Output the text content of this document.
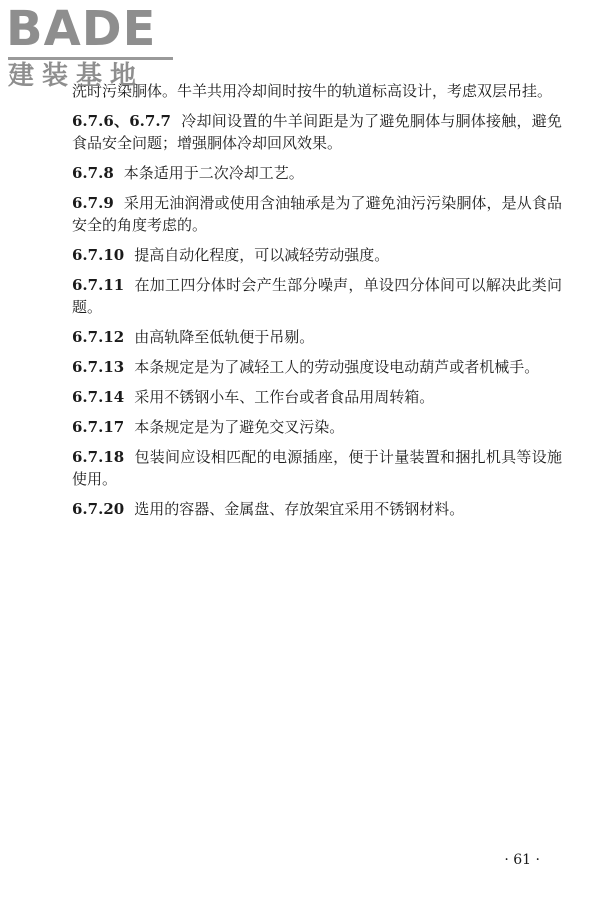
BADE
建装基地

洗时污染胴体。牛羊共用冷却间时按牛的轨道标高设计，考虑双层吊挂。

6.7.6、6.7.7 冷却间设置的牛羊间距是为了避免胴体与胴体接触，避免食品安全问题；增强胴体冷却回风效果。

6.7.8 本条适用于二次冷却工艺。

6.7.9 采用无油润滑或使用含油轴承是为了避免油污污染胴体，是从食品安全的角度考虑的。

6.7.10 提高自动化程度，可以减轻劳动强度。

6.7.11 在加工四分体时会产生部分噪声，单设四分体间可以解决此类问题。

6.7.12 由高轨降至低轨便于吊剔。

6.7.13 本条规定是为了减轻工人的劳动强度设电动葫芦或者机械手。

6.7.14 采用不锈钢小车、工作台或者食品用周转箱。

6.7.17 本条规定是为了避免交叉污染。

6.7.18 包装间应设相匹配的电源插座，便于计量装置和捆扎机具等设施使用。

6.7.20 选用的容器、金属盘、存放架宜采用不锈钢材料。

· 61 ·
